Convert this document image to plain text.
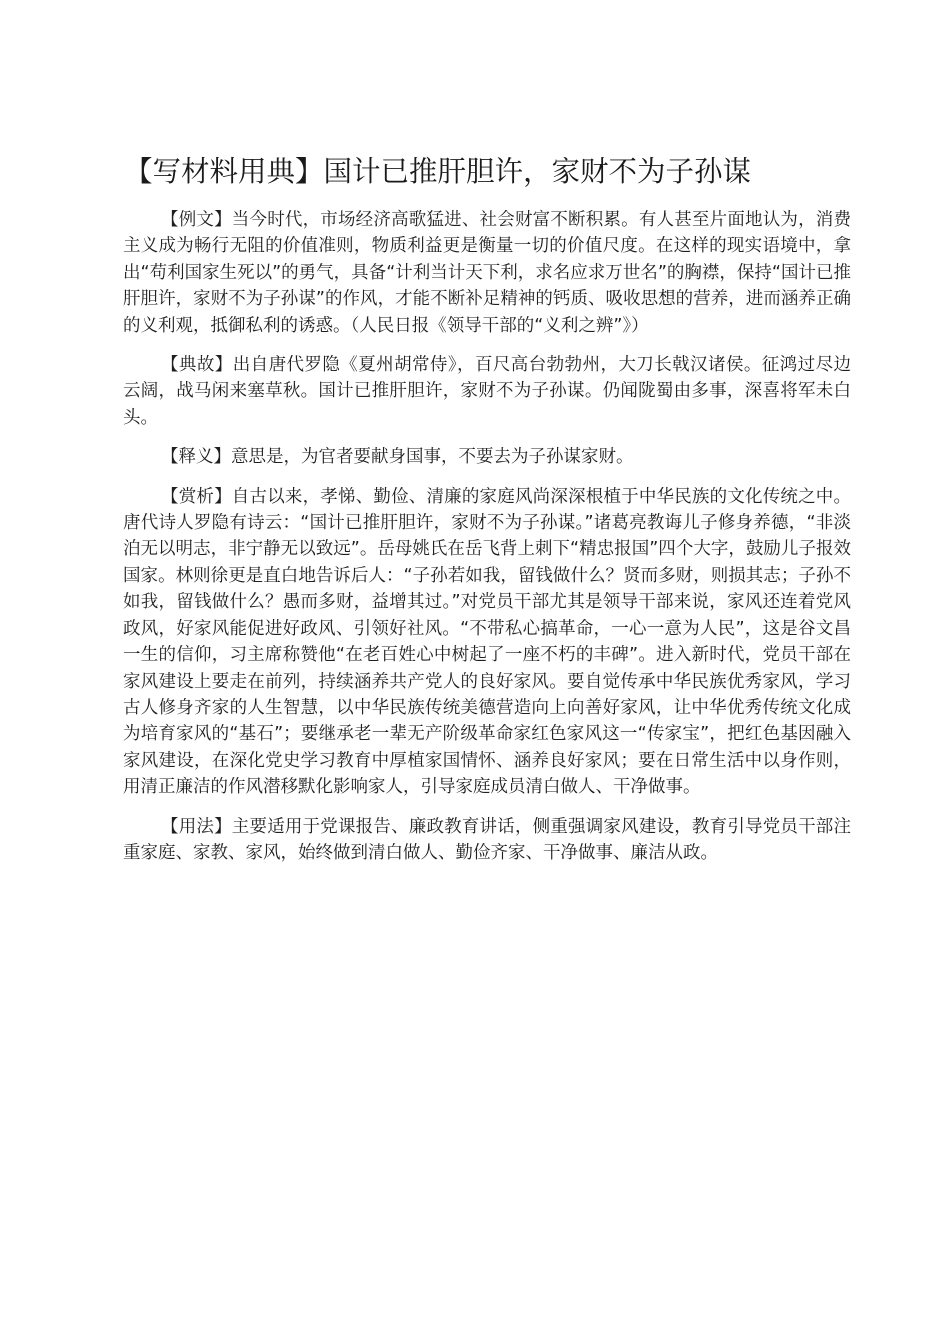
【写材料用典】国计已推肝胆许，家财不为子孙谋

【例文】当今时代，市场经济高歌猛进、社会财富不断积累。有人甚至片面地认为，消费主义成为畅行无阻的价值准则，物质利益更是衡量一切的价值尺度。在这样的现实语境中，拿出“苟利国家生死以”的勇气，具备“计利当计天下利，求名应求万世名”的胸襟，保持“国计已推肝胆许，家财不为子孙谋”的作风，才能不断补足精神的钙质、吸收思想的营养，进而涵养正确的义利观，抵御私利的诱惑。（人民日报《领导干部的“义利之辨”》）

【典故】出自唐代罗隐《夏州胡常侍》，百尺高台勃勃州，大刀长戟汉诸侯。征鸿过尽边云阔，战马闲来塞草秋。国计已推肝胆许，家财不为子孙谋。仍闻陇蜀由多事，深喜将军未白头。

【释义】意思是，为官者要献身国事，不要去为子孙谋家财。

【赏析】自古以来，孝悌、勤俭、清廉的家庭风尚深深根植于中华民族的文化传统之中。唐代诗人罗隐有诗云：“国计已推肝胆许，家财不为子孙谋。”诸葛亮教诲儿子修身养德，“非淡泊无以明志，非宁静无以致远”。岳母姚氏在岳飞背上刺下“精忠报国”四个大字，鼓励儿子报效国家。林则徐更是直白地告诉后人：“子孙若如我，留钱做什么？贤而多财，则损其志；子孙不如我，留钱做什么？愚而多财，益增其过。”对党员干部尤其是领导干部来说，家风还连着党风政风，好家风能促进好政风、引领好社风。“不带私心搞革命，一心一意为人民”，这是谷文昌一生的信仰，习主席称赞他“在老百姓心中树起了一座不朽的丰碑”。进入新时代，党员干部在家风建设上要走在前列，持续涵养共产党人的良好家风。要自觉传承中华民族优秀家风，学习古人修身齐家的人生智慧，以中华民族传统美德营造向上向善好家风，让中华优秀传统文化成为培育家风的“基石”；要继承老一辈无产阶级革命家红色家风这一“传家宝”，把红色基因融入家风建设，在深化党史学习教育中厚植家国情怀、涵养良好家风；要在日常生活中以身作则，用清正廉洁的作风潜移默化影响家人，引导家庭成员清白做人、干净做事。

【用法】主要适用于党课报告、廉政教育讲话，侧重强调家风建设，教育引导党员干部注重家庭、家教、家风，始终做到清白做人、勤俭齐家、干净做事、廉洁从政。
